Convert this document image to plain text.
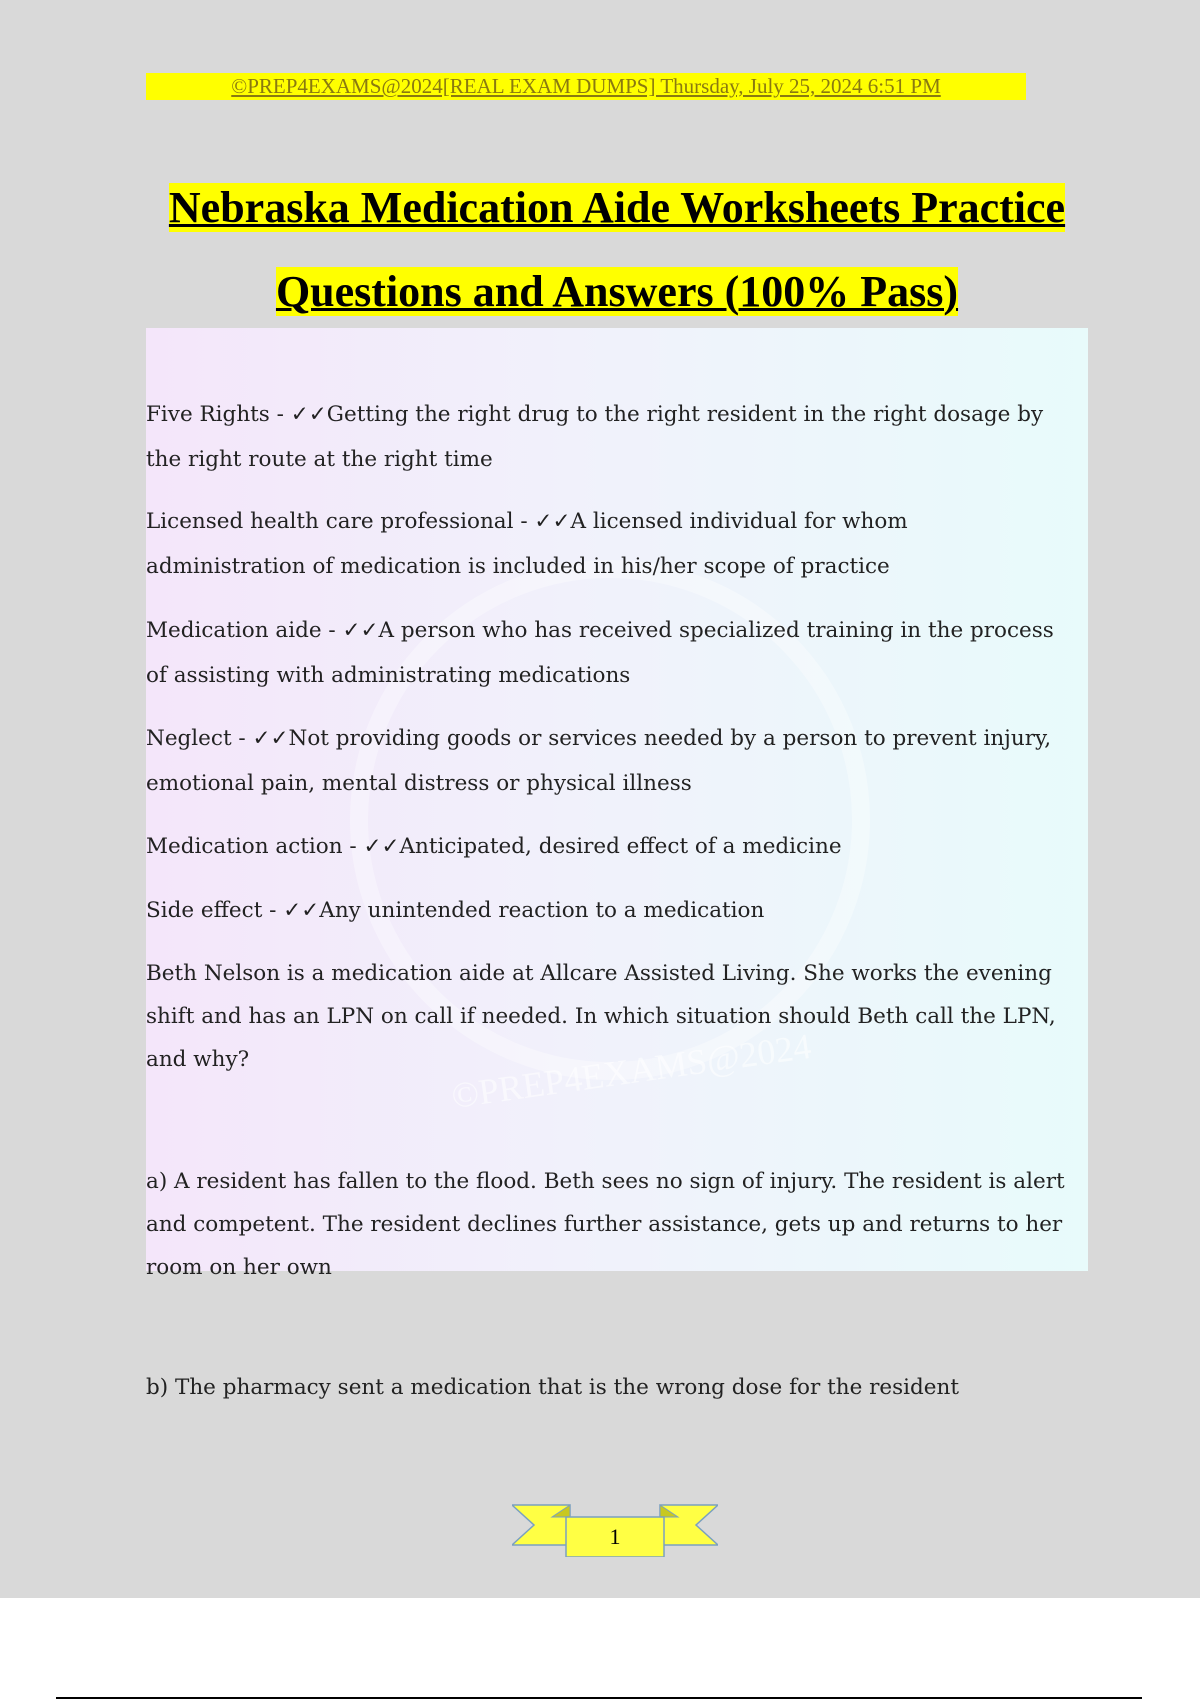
©PREP4EXAMS@2024
©PREP4EXAMS@2024[REAL EXAM DUMPS] Thursday, July 25, 2024 6:51 PM
Nebraska Medication Aide Worksheets Practice
Questions and Answers (100% Pass)
Five Rights - ✓✓Getting the right drug to the right resident in the right dosage by
the right route at the right time
Licensed health care professional - ✓✓A licensed individual for whom
administration of medication is included in his/her scope of practice
Medication aide - ✓✓A person who has received specialized training in the process
of assisting with administrating medications
Neglect - ✓✓Not providing goods or services needed by a person to prevent injury,
emotional pain, mental distress or physical illness
Medication action - ✓✓Anticipated, desired effect of a medicine
Side effect - ✓✓Any unintended reaction to a medication
Beth Nelson is a medication aide at Allcare Assisted Living. She works the evening
shift and has an LPN on call if needed. In which situation should Beth call the LPN,
and why?
a) A resident has fallen to the flood. Beth sees no sign of injury. The resident is alert
and competent. The resident declines further assistance, gets up and returns to her
room on her own
b) The pharmacy sent a medication that is the wrong dose for the resident
1
